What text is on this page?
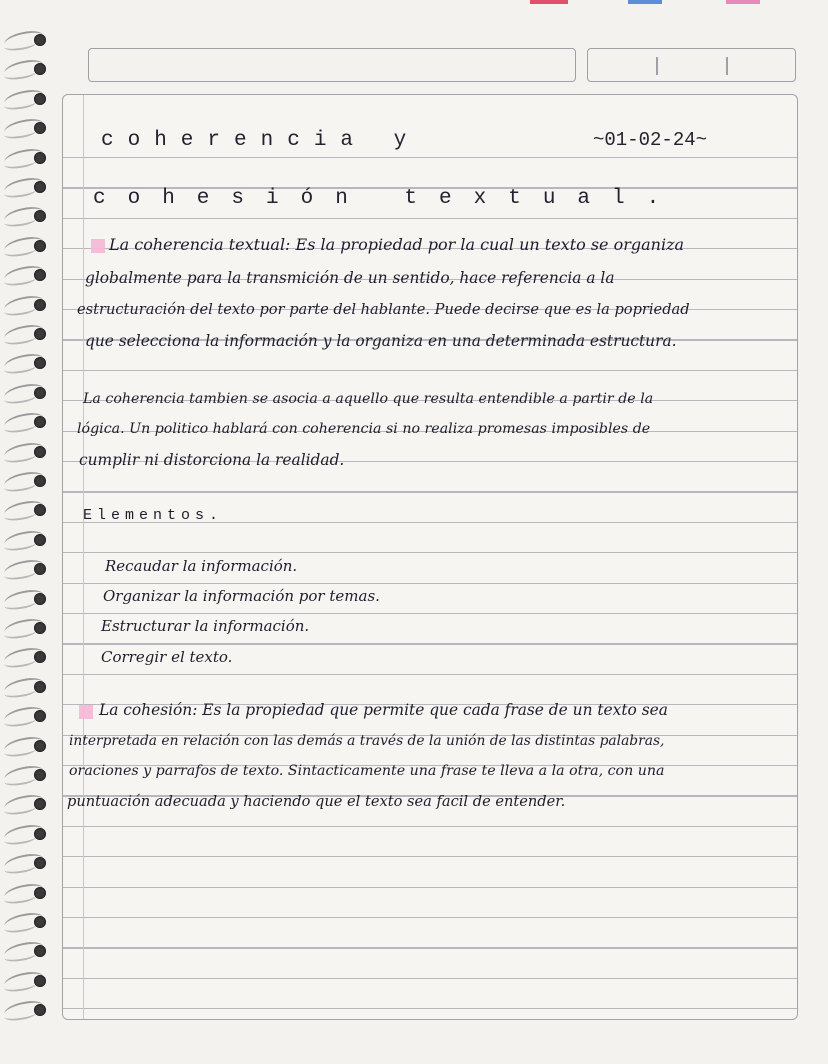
coherencia y	~01-02-24~
cohesión textual.
La coherencia textual: Es la propiedad por la cual un texto se organiza
globalmente para la transmición de un sentido, hace referencia a la
estructuración del texto por parte del hablante. Puede decirse que es la popriedad
que selecciona la información y la organiza en una determinada estructura.
La coherencia tambien se asocia a aquello que resulta entendible a partir de la
lógica. Un politico hablará con coherencia si no realiza promesas imposibles de
cumplir ni distorciona la realidad.
Elementos.
Recaudar la información.
Organizar la información por temas.
Estructurar la información.
Corregir el texto.
La cohesión: Es la propiedad que permite que cada frase de un texto sea
interpretada en relación con las demás a través de la unión de las distintas palabras,
oraciones y parrafos de texto. Sintacticamente una frase te lleva a la otra, con una
puntuación adecuada y haciendo que el texto sea facil de entender.
